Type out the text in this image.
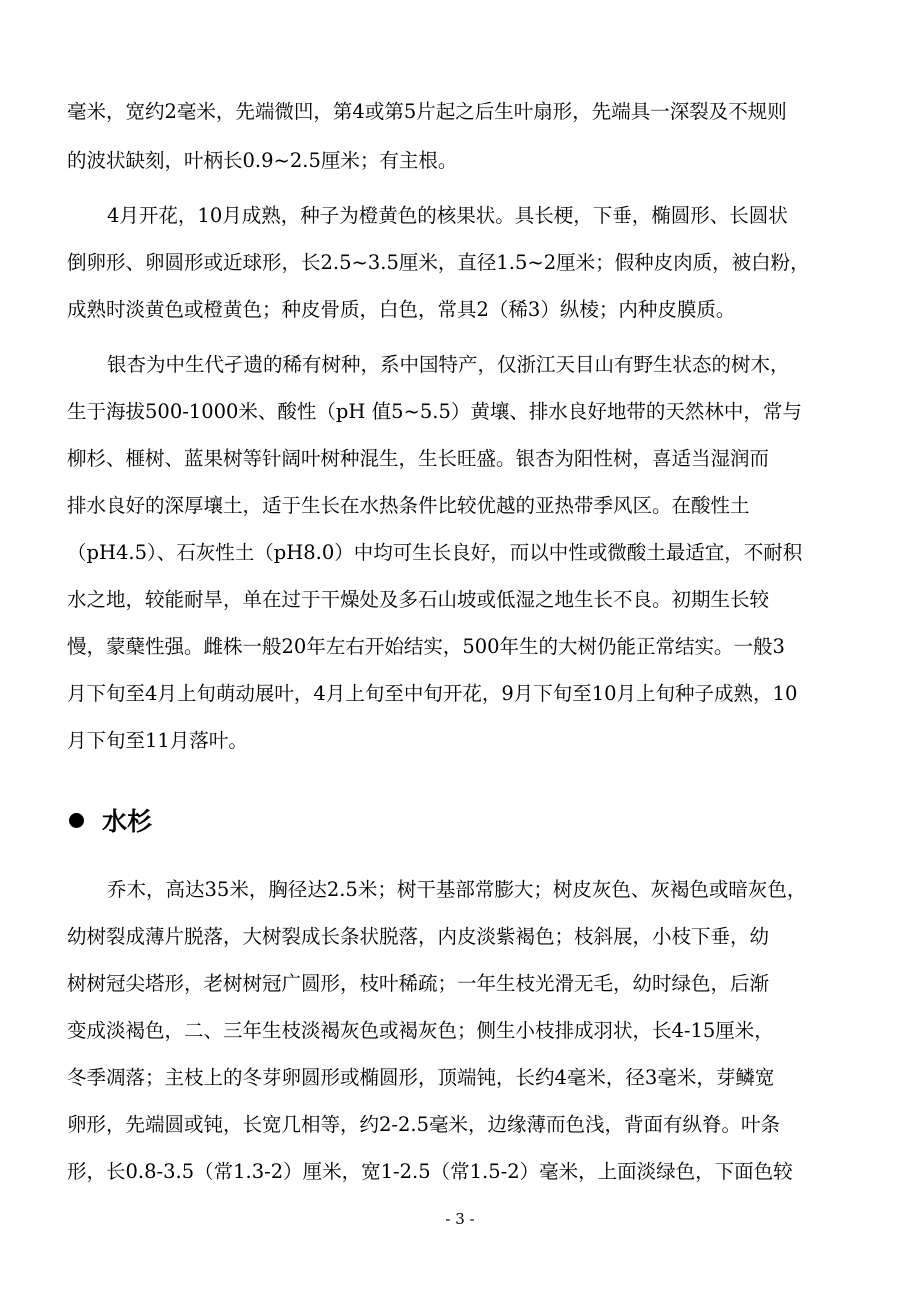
毫米，宽约2毫米，先端微凹，第4或第5片起之后生叶扇形，先端具一深裂及不规则
的波状缺刻，叶柄长0.9~2.5厘米；有主根。
4月开花，10月成熟，种子为橙黄色的核果状。具长梗，下垂，椭圆形、长圆状
倒卵形、卵圆形或近球形，长2.5~3.5厘米，直径1.5~2厘米；假种皮肉质，被白粉，
成熟时淡黄色或橙黄色；种皮骨质，白色，常具2（稀3）纵棱；内种皮膜质。
银杏为中生代孑遗的稀有树种，系中国特产，仅浙江天目山有野生状态的树木，
生于海拔500-1000米、酸性（pH 值5~5.5）黄壤、排水良好地带的天然林中，常与
柳杉、榧树、蓝果树等针阔叶树种混生，生长旺盛。银杏为阳性树，喜适当湿润而
排水良好的深厚壤土，适于生长在水热条件比较优越的亚热带季风区。在酸性土
（pH4.5）、石灰性土（pH8.0）中均可生长良好，而以中性或微酸土最适宜，不耐积
水之地，较能耐旱，单在过于干燥处及多石山坡或低湿之地生长不良。初期生长较
慢，蒙蘖性强。雌株一般20年左右开始结实，500年生的大树仍能正常结实。一般3
月下旬至4月上旬萌动展叶，4月上旬至中旬开花，9月下旬至10月上旬种子成熟，10
月下旬至11月落叶。
水杉
乔木，高达35米，胸径达2.5米；树干基部常膨大；树皮灰色、灰褐色或暗灰色，
幼树裂成薄片脱落，大树裂成长条状脱落，内皮淡紫褐色；枝斜展，小枝下垂，幼
树树冠尖塔形，老树树冠广圆形，枝叶稀疏；一年生枝光滑无毛，幼时绿色，后渐
变成淡褐色，二、三年生枝淡褐灰色或褐灰色；侧生小枝排成羽状，长4-15厘米，
冬季凋落；主枝上的冬芽卵圆形或椭圆形，顶端钝，长约4毫米，径3毫米，芽鳞宽
卵形，先端圆或钝，长宽几相等，约2-2.5毫米，边缘薄而色浅，背面有纵脊。叶条
形，长0.8-3.5（常1.3-2）厘米，宽1-2.5（常1.5-2）毫米，上面淡绿色，下面色较
- 3 -
